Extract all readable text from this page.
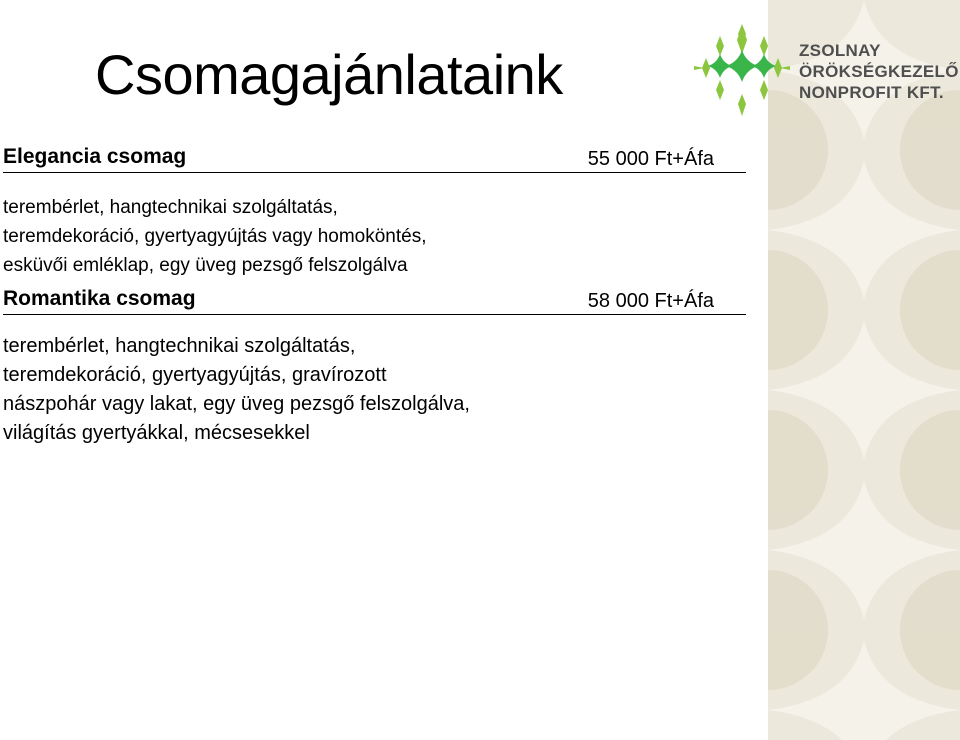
Csomagajánlataink	ZSOLNAY
ÖRÖKSÉGKEZELŐ
NONPROFIT KFT.
Elegancia csomag	55 000 Ft+Áfa
terembérlet, hangtechnikai szolgáltatás,
teremdekoráció, gyertyagyújtás vagy homoköntés,
esküvői emléklap, egy üveg pezsgő felszolgálva
Romantika csomag	58 000 Ft+Áfa
terembérlet, hangtechnikai szolgáltatás,
teremdekoráció, gyertyagyújtás, gravírozott
nászpohár vagy lakat, egy üveg pezsgő felszolgálva,
világítás gyertyákkal, mécsesekkel
